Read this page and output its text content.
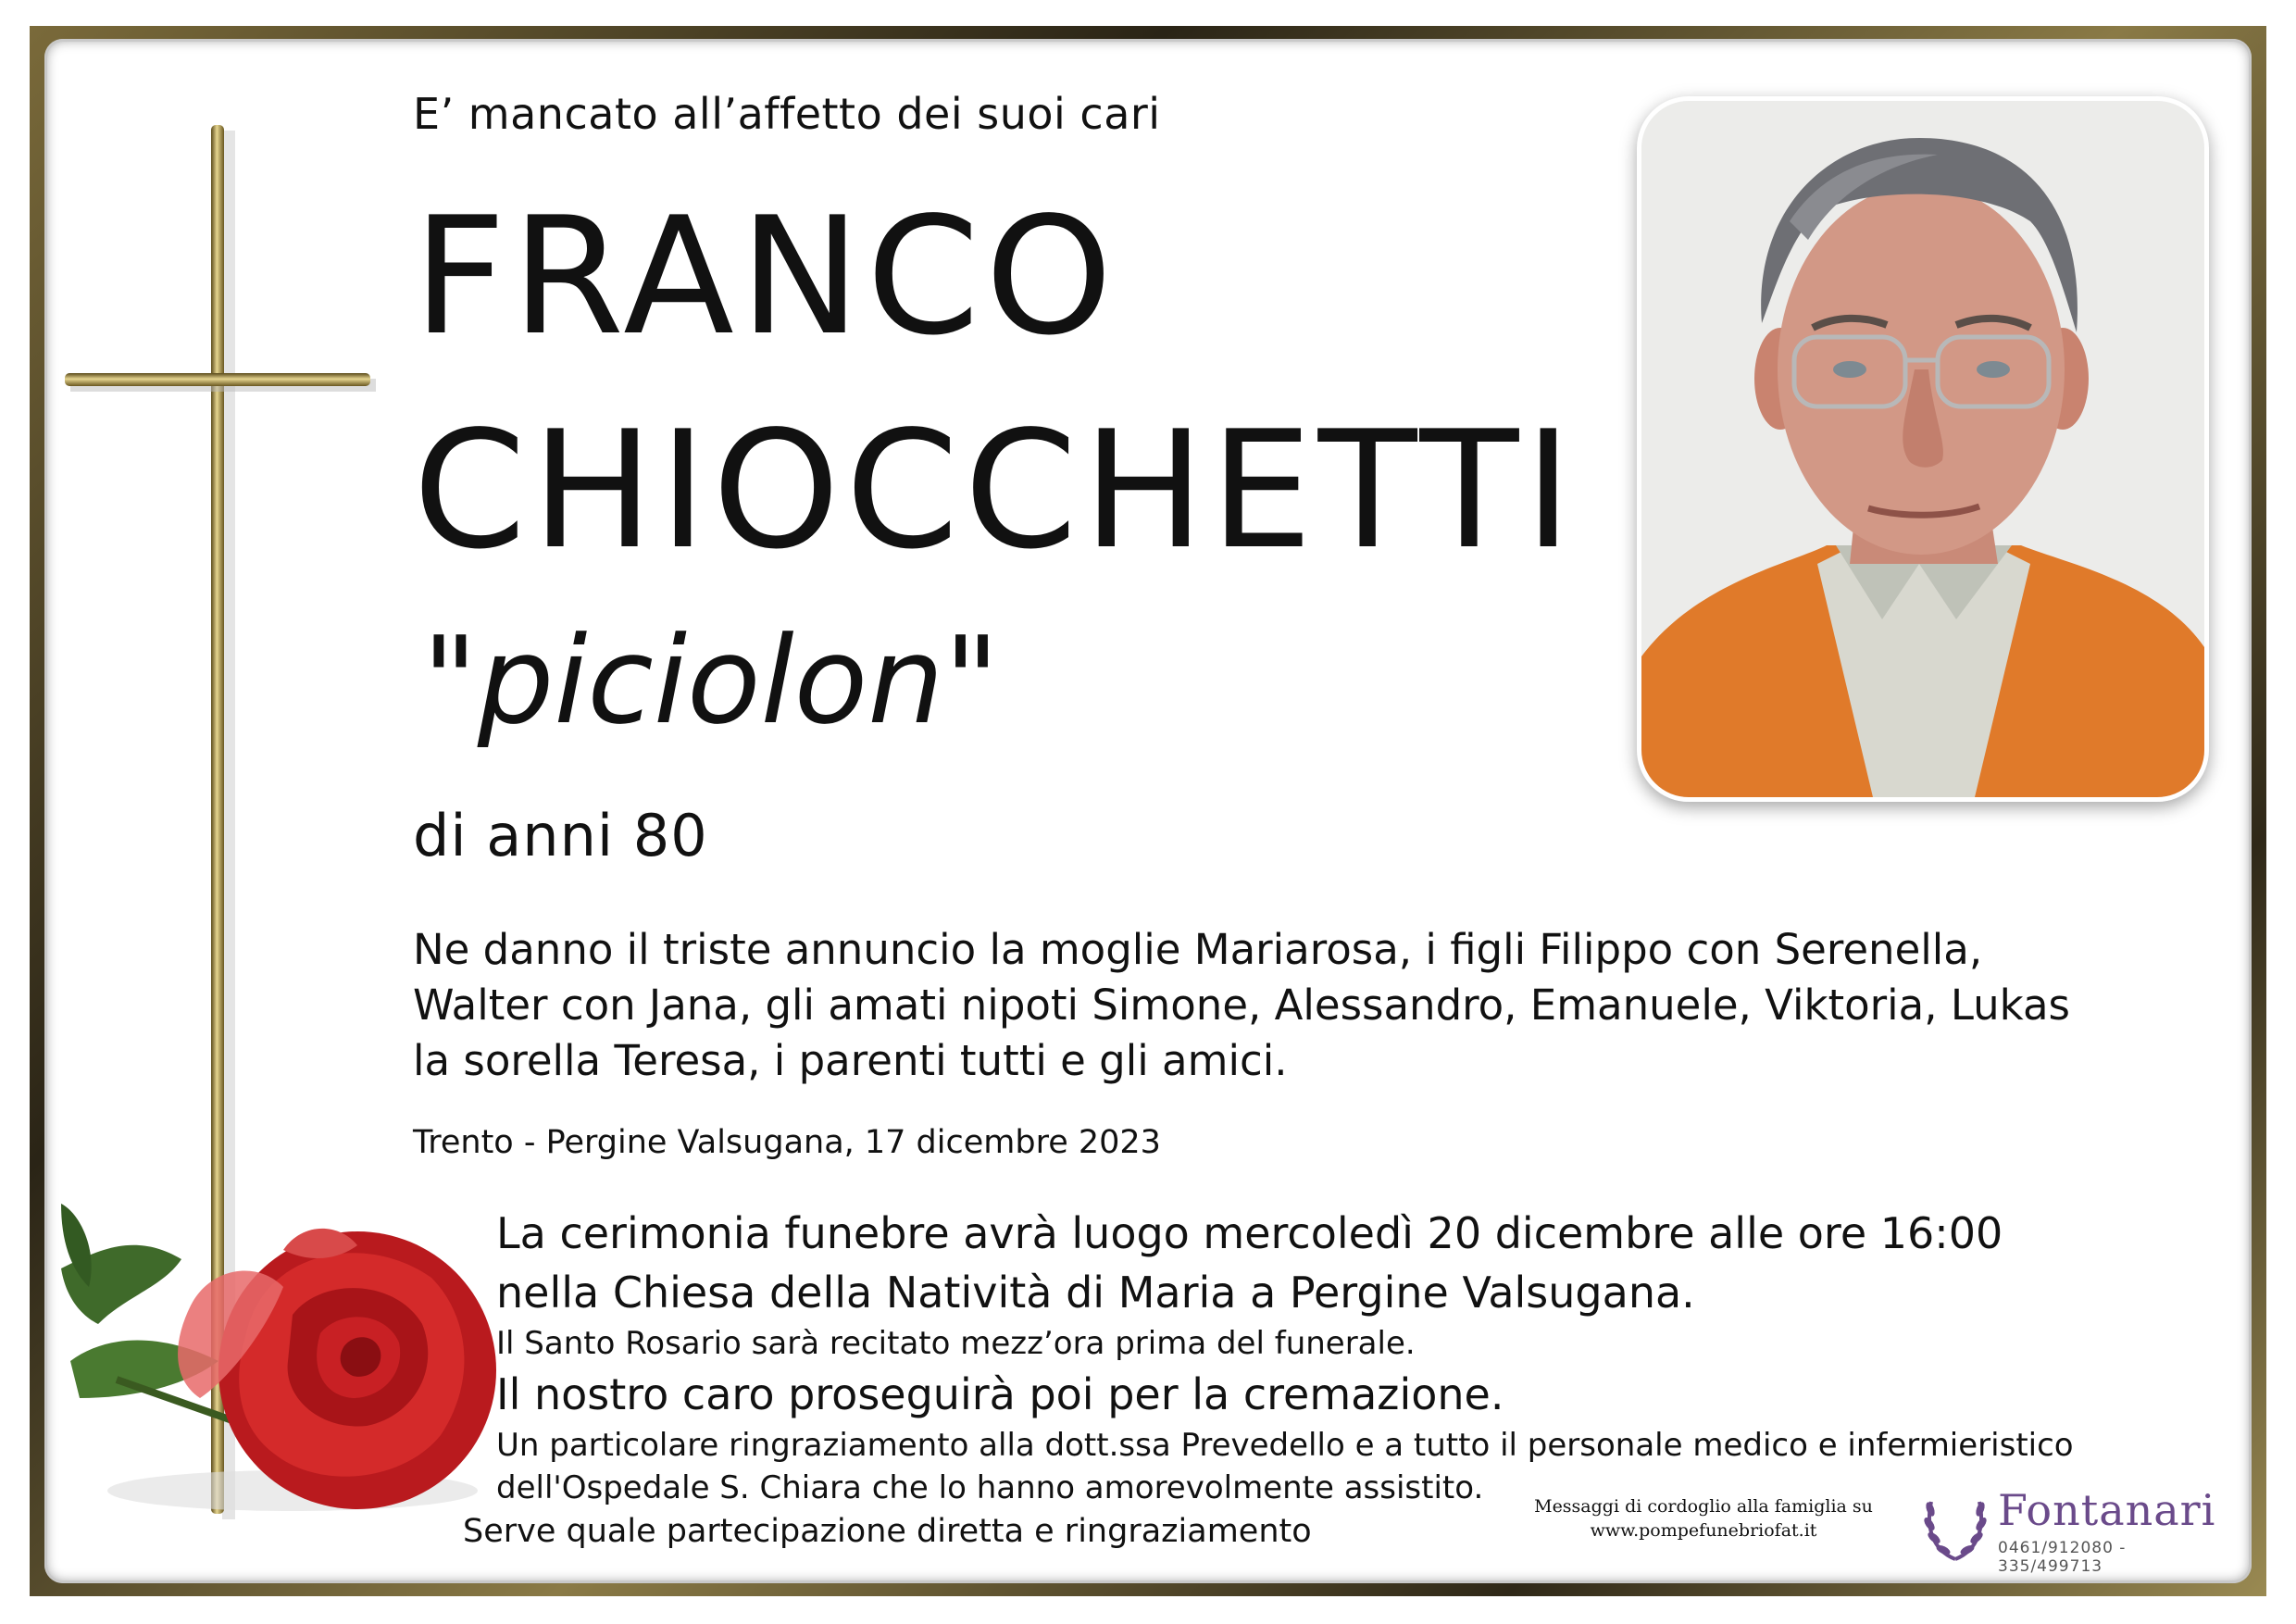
E’ mancato all’affetto dei suoi cari
FRANCO
CHIOCCHETTI
"piciolon"
di anni 80
Ne danno il triste annuncio la moglie Mariarosa, i figli Filippo con Serenella,
Walter con Jana, gli amati nipoti Simone, Alessandro, Emanuele, Viktoria, Lukas
la sorella Teresa, i parenti tutti e gli amici.
Trento - Pergine Valsugana, 17 dicembre 2023
La cerimonia funebre avrà luogo mercoledì 20 dicembre alle ore 16:00
nella Chiesa della Natività di Maria a Pergine Valsugana.
Il Santo Rosario sarà recitato mezz’ora prima del funerale.
Il nostro caro proseguirà poi per la cremazione.
Un particolare ringraziamento alla dott.ssa Prevedello e a tutto il personale medico e infermieristico
dell'Ospedale S. Chiara che lo hanno amorevolmente assistito.
Serve quale partecipazione diretta e ringraziamento
Messaggi di cordoglio alla famiglia su
www.pompefunebriofat.it	Fontanari
0461/912080 - 335/499713
